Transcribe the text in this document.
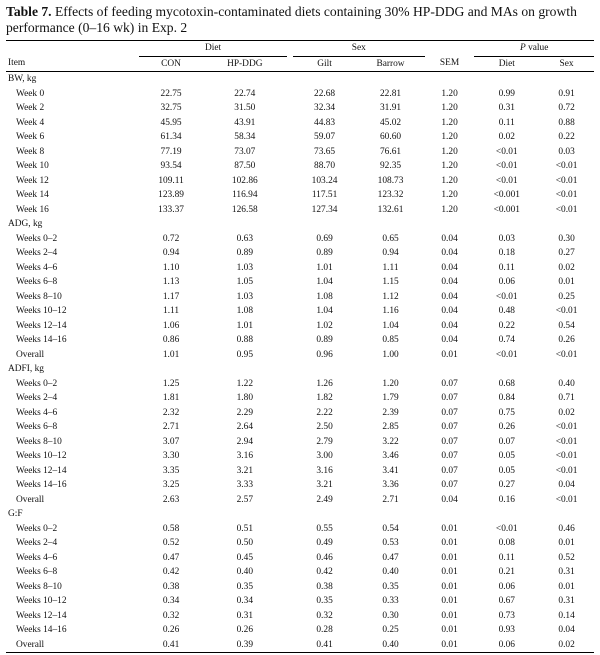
Table 7. Effects of feeding mycotoxin-contaminated diets containing 30% HP-DDG and MAs on growth performance (0–16 wk) in Exp. 2
	Diet			Sex			P value	
Item	CON	HP-DDG		Gilt	Barrow	SEM	Diet	Sex
BW, kg								
Week 0	22.75	22.74		22.68	22.81	1.20	0.99	0.91
Week 2	32.75	31.50		32.34	31.91	1.20	0.31	0.72
Week 4	45.95	43.91		44.83	45.02	1.20	0.11	0.88
Week 6	61.34	58.34		59.07	60.60	1.20	0.02	0.22
Week 8	77.19	73.07		73.65	76.61	1.20	<0.01	0.03
Week 10	93.54	87.50		88.70	92.35	1.20	<0.01	<0.01
Week 12	109.11	102.86		103.24	108.73	1.20	<0.01	<0.01
Week 14	123.89	116.94		117.51	123.32	1.20	<0.001	<0.01
Week 16	133.37	126.58		127.34	132.61	1.20	<0.001	<0.01
ADG, kg								
Weeks 0–2	0.72	0.63		0.69	0.65	0.04	0.03	0.30
Weeks 2–4	0.94	0.89		0.89	0.94	0.04	0.18	0.27
Weeks 4–6	1.10	1.03		1.01	1.11	0.04	0.11	0.02
Weeks 6–8	1.13	1.05		1.04	1.15	0.04	0.06	0.01
Weeks 8–10	1.17	1.03		1.08	1.12	0.04	<0.01	0.25
Weeks 10–12	1.11	1.08		1.04	1.16	0.04	0.48	<0.01
Weeks 12–14	1.06	1.01		1.02	1.04	0.04	0.22	0.54
Weeks 14–16	0.86	0.88		0.89	0.85	0.04	0.74	0.26
Overall	1.01	0.95		0.96	1.00	0.01	<0.01	<0.01
ADFI, kg								
Weeks 0–2	1.25	1.22		1.26	1.20	0.07	0.68	0.40
Weeks 2–4	1.81	1.80		1.82	1.79	0.07	0.84	0.71
Weeks 4–6	2.32	2.29		2.22	2.39	0.07	0.75	0.02
Weeks 6–8	2.71	2.64		2.50	2.85	0.07	0.26	<0.01
Weeks 8–10	3.07	2.94		2.79	3.22	0.07	0.07	<0.01
Weeks 10–12	3.30	3.16		3.00	3.46	0.07	0.05	<0.01
Weeks 12–14	3.35	3.21		3.16	3.41	0.07	0.05	<0.01
Weeks 14–16	3.25	3.33		3.21	3.36	0.07	0.27	0.04
Overall	2.63	2.57		2.49	2.71	0.04	0.16	<0.01
G:F								
Weeks 0–2	0.58	0.51		0.55	0.54	0.01	<0.01	0.46
Weeks 2–4	0.52	0.50		0.49	0.53	0.01	0.08	0.01
Weeks 4–6	0.47	0.45		0.46	0.47	0.01	0.11	0.52
Weeks 6–8	0.42	0.40		0.42	0.40	0.01	0.21	0.31
Weeks 8–10	0.38	0.35		0.38	0.35	0.01	0.06	0.01
Weeks 10–12	0.34	0.34		0.35	0.33	0.01	0.67	0.31
Weeks 12–14	0.32	0.31		0.32	0.30	0.01	0.73	0.14
Weeks 14–16	0.26	0.26		0.28	0.25	0.01	0.93	0.04
Overall	0.41	0.39		0.41	0.40	0.01	0.06	0.02
